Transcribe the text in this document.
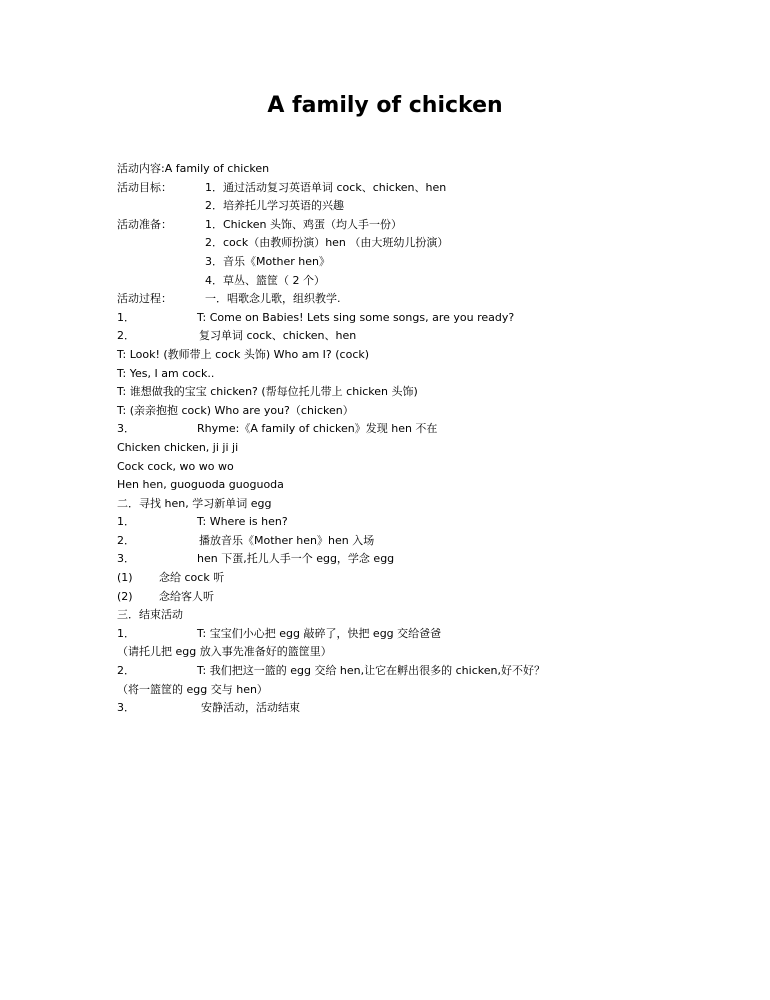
A family of chicken
活动内容:A family of chicken
活动目标：	1．通过活动复习英语单词 cock、chicken、hen
2．培养托儿学习英语的兴趣
活动准备：	1．Chicken 头饰、鸡蛋（均人手一份）
2．cock（由教师扮演）hen （由大班幼儿扮演）
3．音乐《Mother hen》
4．草丛、篮筐（ 2 个）
活动过程：	一．唱歌念儿歌，组织教学.
1．	T: Come on Babies! Lets sing some songs, are you ready?
2．	复习单词 cock、chicken、hen
T: Look! (教师带上 cock 头饰) Who am I? (cock)
T: Yes, I am cock..
T: 谁想做我的宝宝 chicken? (帮每位托儿带上 chicken 头饰)
T: (亲亲抱抱 cock) Who are you?（chicken）
3．	Rhyme:《A family of chicken》发现 hen 不在
Chicken chicken, ji ji ji
Cock cock, wo wo wo
Hen hen, guoguoda guoguoda
二．寻找 hen, 学习新单词 egg
1．	T: Where is hen?
2．	播放音乐《Mother hen》hen 入场
3．	hen 下蛋,托儿人手一个 egg，学念 egg
(1) 念给 cock 听
(2) 念给客人听
三．结束活动
1．	T: 宝宝们小心把 egg 敲碎了，快把 egg 交给爸爸
（请托儿把 egg 放入事先准备好的篮筐里）
2．	T: 我们把这一篮的 egg 交给 hen,让它在孵出很多的 chicken,好不好？
（将一篮筐的 egg 交与 hen）
3．	安静活动，活动结束
